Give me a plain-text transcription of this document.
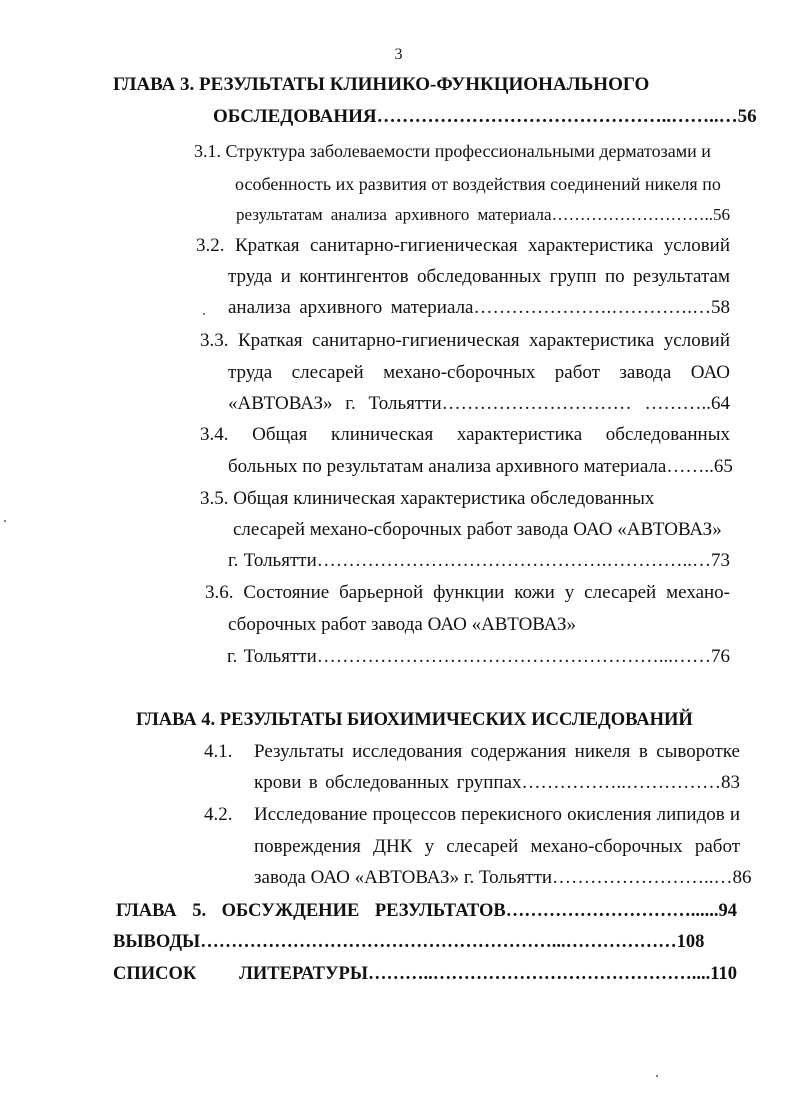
3
ГЛАВА 3. РЕЗУЛЬТАТЫ КЛИНИКО-ФУНКЦИОНАЛЬНОГО
ОБСЛЕДОВАНИЯ………………………………………..……..…56
3.1. Структура заболеваемости профессиональными дерматозами и
особенность их развития от воздействия соединений никеля по
результатам анализа архивного материала………………………..56
3.2. Краткая санитарно-гигиеническая характеристика условий
труда и контингентов обследованных групп по результатам
анализа архивного материала………………….………….…58
3.3. Краткая санитарно-гигиеническая характеристика условий
труда слесарей механо-сборочных работ завода ОАО
«АВТОВАЗ» г. Тольятти………………………… ………..64
3.4. Общая клиническая характеристика обследованных
больных по результатам анализа архивного материала……..65
3.5. Общая клиническая характеристика обследованных
слесарей механо-сборочных работ завода ОАО «АВТОВАЗ»
г. Тольятти……………………………………….…………..…73
3.6. Состояние барьерной функции кожи у слесарей механо-
сборочных работ завода ОАО «АВТОВАЗ»
г. Тольятти………………………………………………...……76
ГЛАВА 4. РЕЗУЛЬТАТЫ БИОХИМИЧЕСКИХ ИССЛЕДОВАНИЙ
4.1. Результаты исследования содержания никеля в сыворотке
крови в обследованных группах……………..……………83
4.2. Исследование процессов перекисного окисления липидов и
повреждения ДНК у слесарей механо-сборочных работ
завода ОАО «АВТОВАЗ» г. Тольятти……………………..…86
ГЛАВА 5. ОБСУЖДЕНИЕ РЕЗУЛЬТАТОВ…………………………......94
ВЫВОДЫ…………………………………………………...………………108
СПИСОК ЛИТЕРАТУРЫ………..……………………………………....110
